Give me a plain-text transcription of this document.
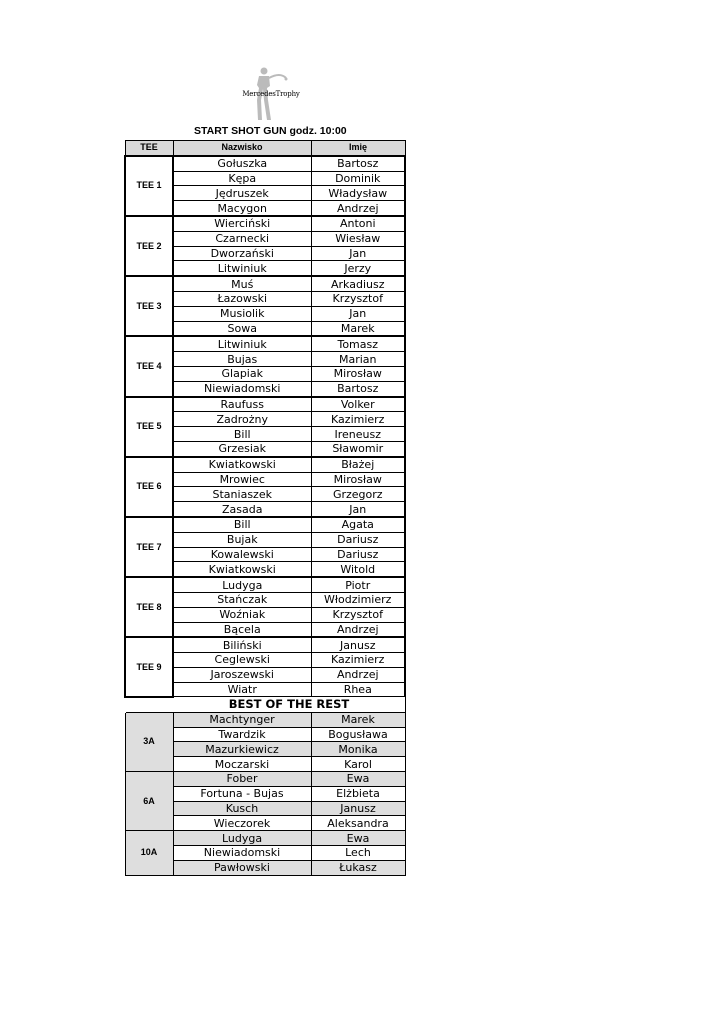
MercedesTrophy
START SHOT GUN godz. 10:00
TEE	Nazwisko	Imię
TEE 1	Gołuszka	Bartosz
	Kępa	Dominik
	Jędruszek	Władysław
	Macygon	Andrzej
TEE 2	Wierciński	Antoni
	Czarnecki	Wiesław
	Dworzański	Jan
	Litwiniuk	Jerzy
TEE 3	Muś	Arkadiusz
	Łazowski	Krzysztof
	Musiolik	Jan
	Sowa	Marek
TEE 4	Litwiniuk	Tomasz
	Bujas	Marian
	Glapiak	Mirosław
	Niewiadomski	Bartosz
TEE 5	Raufuss	Volker
	Zadrożny	Kazimierz
	Bill	Ireneusz
	Grzesiak	Sławomir
TEE 6	Kwiatkowski	Błażej
	Mrowiec	Mirosław
	Staniaszek	Grzegorz
	Zasada	Jan
TEE 7	Bill	Agata
	Bujak	Dariusz
	Kowalewski	Dariusz
	Kwiatkowski	Witold
TEE 8	Ludyga	Piotr
	Stańczak	Włodzimierz
	Woźniak	Krzysztof
	Bącela	Andrzej
TEE 9	Biliński	Janusz
	Ceglewski	Kazimierz
	Jaroszewski	Andrzej
	Wiatr	Rhea
	BEST OF THE REST	
3A	Machtynger	Marek
	Twardzik	Bogusława
	Mazurkiewicz	Monika
	Moczarski	Karol
6A	Fober	Ewa
	Fortuna - Bujas	Elżbieta
	Kusch	Janusz
	Wieczorek	Aleksandra
10A	Ludyga	Ewa
	Niewiadomski	Lech
	Pawłowski	Łukasz
